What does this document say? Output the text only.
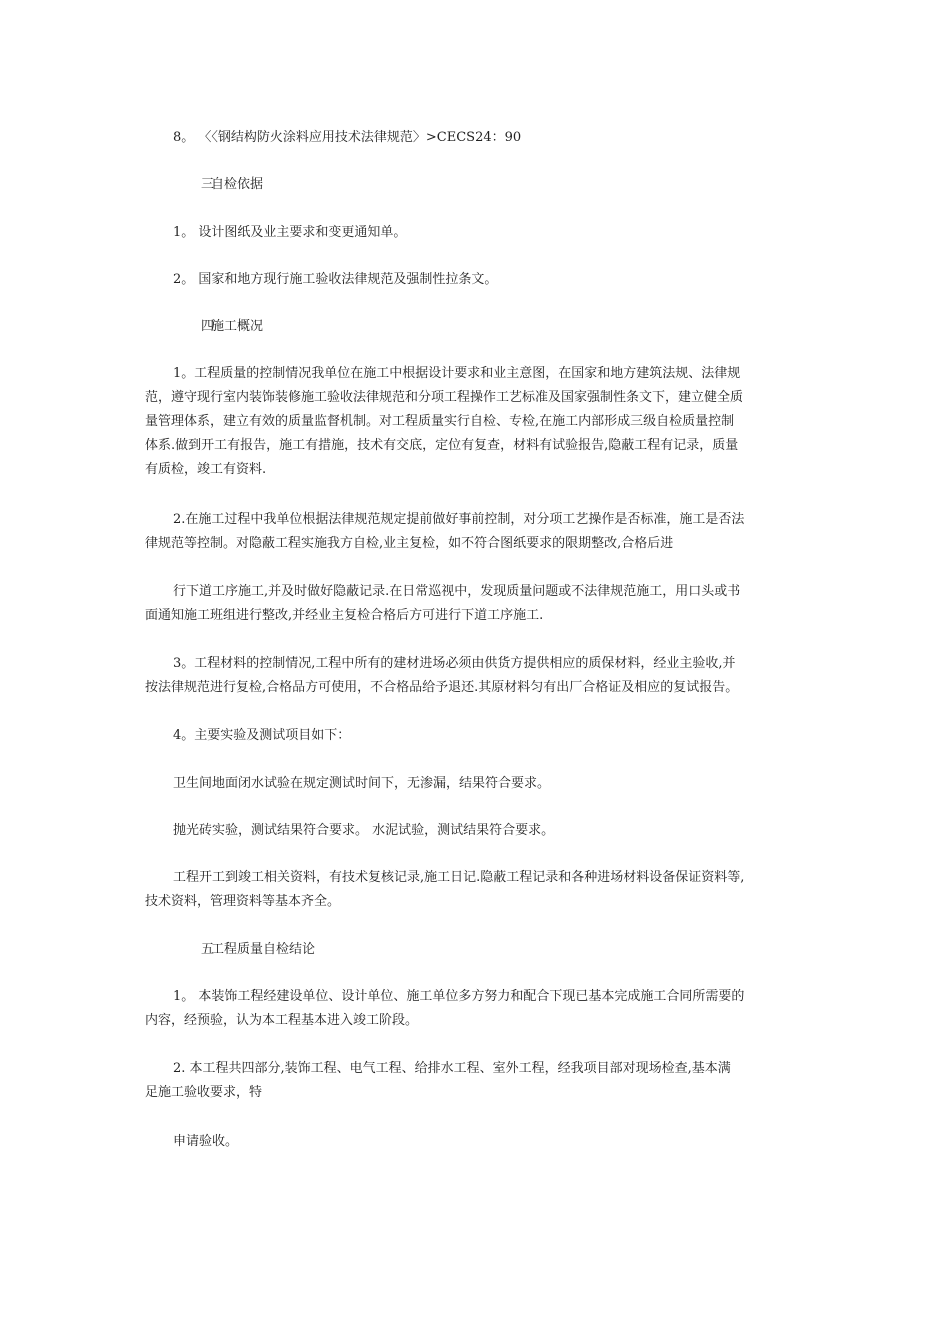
8。 〈〈钢结构防火涂料应用技术法律规范〉>CECS24：90

三自检依据

1。 设计图纸及业主要求和变更通知单。

2。 国家和地方现行施工验收法律规范及强制性拉条文。

四施工概况

1。工程质量的控制情况我单位在施工中根据设计要求和业主意图，在国家和地方建筑法规、法律规
范，遵守现行室内装饰装修施工验收法律规范和分项工程操作工艺标准及国家强制性条文下，建立健全质
量管理体系，建立有效的质量监督机制。对工程质量实行自检、专检,在施工内部形成三级自检质量控制
体系.做到开工有报告，施工有措施，技术有交底，定位有复查，材料有试验报告,隐蔽工程有记录，质量
有质检，竣工有资料.

2.在施工过程中我单位根据法律规范规定提前做好事前控制，对分项工艺操作是否标准，施工是否法
律规范等控制。对隐蔽工程实施我方自检,业主复检，如不符合图纸要求的限期整改,合格后进

行下道工序施工,并及时做好隐蔽记录.在日常巡视中，发现质量问题或不法律规范施工，用口头或书
面通知施工班组进行整改,并经业主复检合格后方可进行下道工序施工.

3。工程材料的控制情况,工程中所有的建材进场必须由供货方提供相应的质保材料，经业主验收,并
按法律规范进行复检,合格品方可使用，不合格品给予退还.其原材料匀有出厂合格证及相应的复试报告。

4。主要实验及测试项目如下：

卫生间地面闭水试验在规定测试时间下，无渗漏，结果符合要求。

抛光砖实验，测试结果符合要求。 水泥试验，测试结果符合要求。

工程开工到竣工相关资料，有技术复核记录,施工日记.隐蔽工程记录和各种进场材料设备保证资料等,
技术资料，管理资料等基本齐全。

五工程质量自检结论

1。 本装饰工程经建设单位、设计单位、施工单位多方努力和配合下现已基本完成施工合同所需要的
内容，经预验，认为本工程基本进入竣工阶段。

2. 本工程共四部分,装饰工程、电气工程、给排水工程、室外工程，经我项目部对现场检查,基本满
足施工验收要求，特

申请验收。
